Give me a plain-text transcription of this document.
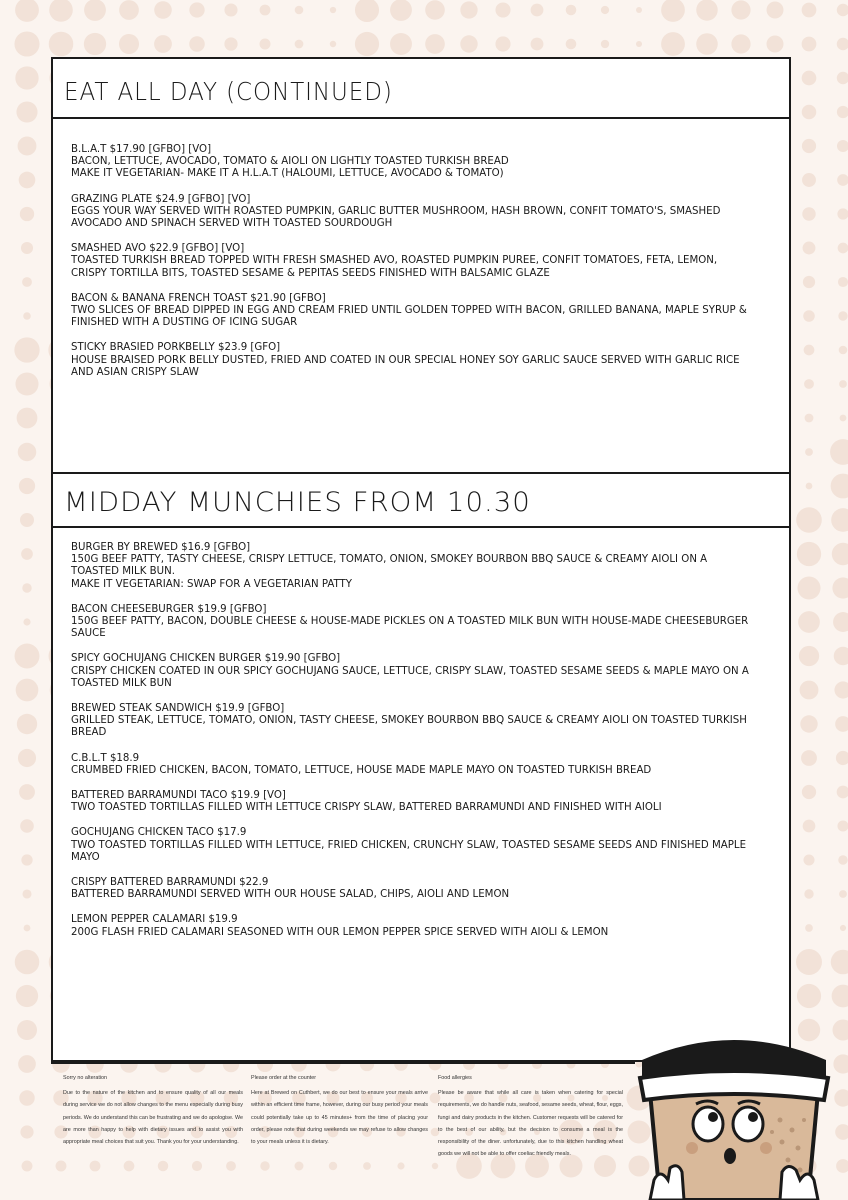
EAT ALL DAY (CONTINUED)
B.L.A.T $17.90 [GFBO] [VO]
BACON, LETTUCE, AVOCADO, TOMATO & AIOLI ON LIGHTLY TOASTED TURKISH BREAD
MAKE IT VEGETARIAN- MAKE IT A H.L.A.T (HALOUMI, LETTUCE, AVOCADO & TOMATO)
GRAZING PLATE $24.9 [GFBO] [VO]
EGGS YOUR WAY SERVED WITH ROASTED PUMPKIN, GARLIC BUTTER MUSHROOM, HASH BROWN, CONFIT TOMATO'S, SMASHED AVOCADO AND SPINACH SERVED WITH TOASTED SOURDOUGH
SMASHED AVO $22.9 [GFBO] [VO]
TOASTED TURKISH BREAD TOPPED WITH FRESH SMASHED AVO, ROASTED PUMPKIN PUREE, CONFIT TOMATOES, FETA, LEMON, CRISPY TORTILLA BITS, TOASTED SESAME & PEPITAS SEEDS FINISHED WITH BALSAMIC GLAZE
BACON & BANANA FRENCH TOAST $21.90 [GFBO]
TWO SLICES OF BREAD DIPPED IN EGG AND CREAM FRIED UNTIL GOLDEN TOPPED WITH BACON, GRILLED BANANA, MAPLE SYRUP & FINISHED WITH A DUSTING OF ICING SUGAR
STICKY BRASIED PORKBELLY $23.9 [GFO]
HOUSE BRAISED PORK BELLY DUSTED, FRIED AND COATED IN OUR SPECIAL HONEY SOY GARLIC SAUCE SERVED WITH GARLIC RICE AND ASIAN CRISPY SLAW
MIDDAY MUNCHIES FROM 10.30
BURGER BY BREWED $16.9 [GFBO]
150G BEEF PATTY, TASTY CHEESE, CRISPY LETTUCE, TOMATO, ONION, SMOKEY BOURBON BBQ SAUCE & CREAMY AIOLI ON A TOASTED MILK BUN.
MAKE IT VEGETARIAN: SWAP FOR A VEGETARIAN PATTY
BACON CHEESEBURGER $19.9 [GFBO]
150G BEEF PATTY, BACON, DOUBLE CHEESE & HOUSE-MADE PICKLES ON A TOASTED MILK BUN WITH HOUSE-MADE CHEESEBURGER SAUCE
SPICY GOCHUJANG CHICKEN BURGER $19.90 [GFBO]
CRISPY CHICKEN COATED IN OUR SPICY GOCHUJANG SAUCE, LETTUCE, CRISPY SLAW, TOASTED SESAME SEEDS & MAPLE MAYO ON A TOASTED MILK BUN
BREWED STEAK SANDWICH $19.9 [GFBO]
GRILLED STEAK, LETTUCE, TOMATO, ONION, TASTY CHEESE, SMOKEY BOURBON BBQ SAUCE & CREAMY AIOLI ON TOASTED TURKISH BREAD
C.B.L.T $18.9
CRUMBED FRIED CHICKEN, BACON, TOMATO, LETTUCE, HOUSE MADE MAPLE MAYO ON TOASTED TURKISH BREAD
BATTERED BARRAMUNDI TACO $19.9 [VO]
TWO TOASTED TORTILLAS FILLED WITH LETTUCE CRISPY SLAW, BATTERED BARRAMUNDI AND FINISHED WITH AIOLI
GOCHUJANG CHICKEN TACO $17.9
TWO TOASTED TORTILLAS FILLED WITH LETTUCE, FRIED CHICKEN, CRUNCHY SLAW, TOASTED SESAME SEEDS AND FINISHED MAPLE MAYO
CRISPY BATTERED BARRAMUNDI $22.9
BATTERED BARRAMUNDI SERVED WITH OUR HOUSE SALAD, CHIPS, AIOLI AND LEMON
LEMON PEPPER CALAMARI $19.9
200G FLASH FRIED CALAMARI SEASONED WITH OUR LEMON PEPPER SPICE SERVED WITH AIOLI & LEMON
Sorry no alteration
Due to the nature of the kitchen and to ensure quality of all our meals during service we do not allow changes to the menu especially during busy periods. We do understand this can be frustrating and we do apologise. We are more than happy to help with dietary issues and to assist you with appropriate meal choices that suit you. Thank you for your understanding.
Please order at the counter
Here at Brewed on Cuthbert, we do our best to ensure your meals arrive within an efficient time frame, however, during our busy period your meals could potentially take up to 45 minutes+ from the time of placing your order, please note that during weekends we may refuse to allow changes to your meals unless it is dietary.
Food allergies
Please be aware that while all care is taken when catering for special requirements, we do handle nuts, seafood, sesame seeds, wheat, flour, eggs, fungi and dairy products in the kitchen. Customer requests will be catered for to the best of our ability, but the decision to consume a meal is the responsibility of the diner. unfortunately, due to this kitchen handling wheat goods we will not be able to offer coeliac friendly meals.
